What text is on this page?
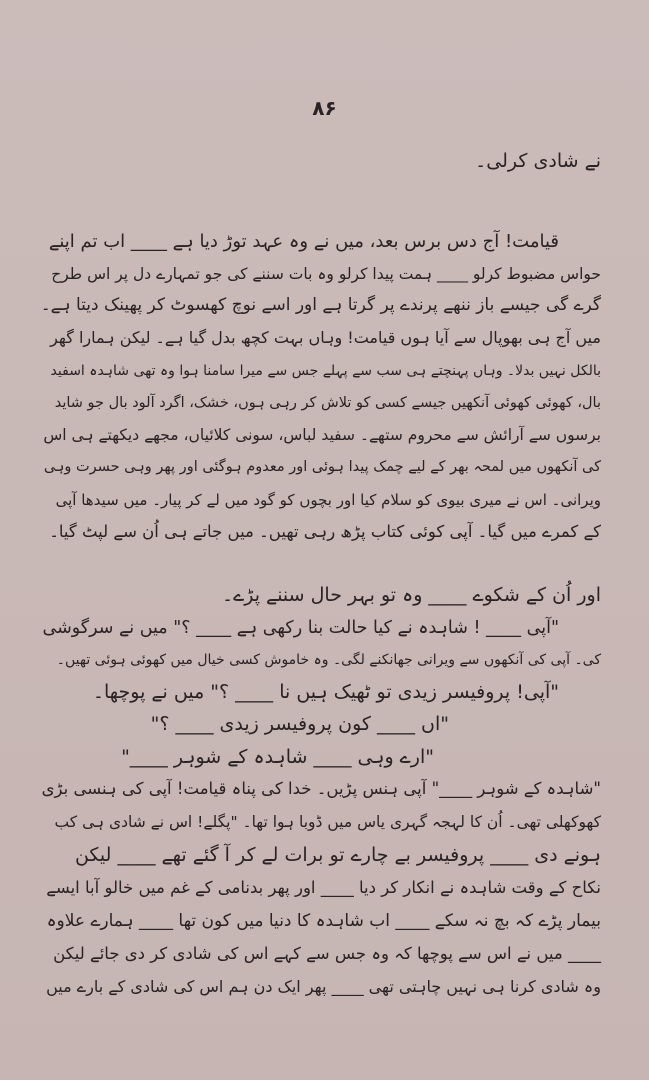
۸۶
نے شادی کرلی۔
قیامت! آج دس برس بعد، میں نے وہ عہد توڑ دیا ہے ____ اب تم اپنے
حواس مضبوط کرلو ____ ہمت پیدا کرلو وہ بات سننے کی جو تمہارے دل پر اس طرح
گرے گی جیسے باز ننھے پرندے پر گرتا ہے اور اسے نوچ کھسوٹ کر پھینک دیتا ہے۔
میں آج ہی بھوپال سے آیا ہوں قیامت! وہاں بہت کچھ بدل گیا ہے۔ لیکن ہمارا گھر
بالکل نہیں بدلا۔ وہاں پہنچتے ہی سب سے پہلے جس سے میرا سامنا ہوا وہ تھی شاہدہ اسفید
بال، کھوئی کھوئی آنکھیں جیسے کسی کو تلاش کر رہی ہوں، خشک، اگرد آلود بال جو شاید
برسوں سے آرائش سے محروم ستھے۔ سفید لباس، سونی کلائیاں، مجھے دیکھتے ہی اس
کی آنکھوں میں لمحہ بھر کے لیے چمک پیدا ہوئی اور معدوم ہوگئی اور پھر وہی حسرت وہی
ویرانی۔ اس نے میری بیوی کو سلام کیا اور بچوں کو گود میں لے کر پیار۔ میں سیدھا آپی
کے کمرے میں گیا۔ آپی کوئی کتاب پڑھ رہی تھیں۔ میں جاتے ہی اُن سے لپٹ گیا۔
اور اُن کے شکوے ____ وہ تو بہر حال سننے پڑے۔
"آپی ____ ! شاہدہ نے کیا حالت بنا رکھی ہے ____ ؟" میں نے سرگوشی
کی۔ آپی کی آنکھوں سے ویرانی جھانکنے لگی۔ وہ خاموش کسی خیال میں کھوئی ہوئی تھیں۔
"آپی! پروفیسر زیدی تو ٹھیک ہیں نا ____ ؟" میں نے پوچھا۔
"اں ____ کون پروفیسر زیدی ____ ؟"
"ارے وہی ____ شاہدہ کے شوہر ____"
"شاہدہ کے شوہر ____" آپی ہنس پڑیں۔ خدا کی پناہ قیامت! آپی کی ہنسی بڑی
کھوکھلی تھی۔ اُن کا لہجہ گہری یاس میں ڈوبا ہوا تھا۔ "پگلے! اس نے شادی ہی کب
ہونے دی ____ پروفیسر بے چارے تو برات لے کر آ گئے تھے ____ لیکن
نکاح کے وقت شاہدہ نے انکار کر دیا ____ اور پھر بدنامی کے غم میں خالو آبا ایسے
بیمار پڑے کہ بچ نہ سکے ____ اب شاہدہ کا دنیا میں کون تھا ____ ہمارے علاوہ
____ میں نے اس سے پوچھا کہ وہ جس سے کہے اس کی شادی کر دی جائے لیکن
وہ شادی کرنا ہی نہیں چاہتی تھی ____ پھر ایک دن ہم اس کی شادی کے بارے میں
